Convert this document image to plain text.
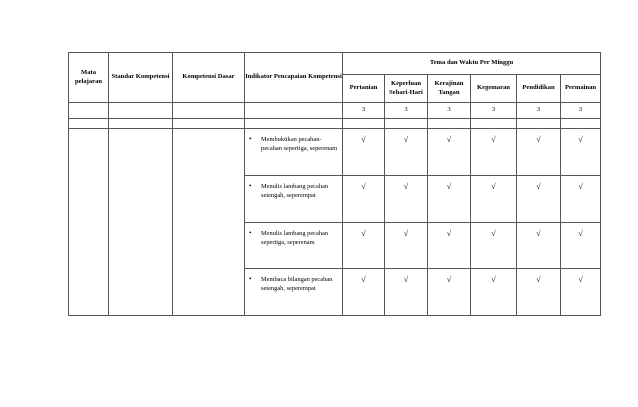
Mata pelajaran	Standar Kompetensi	Kompetensi Dasar	Indikator Pencapaian Kompetensi	Tema dan Waktu Per Minggu					
				Pertanian	Keperluan Sehari-Hari	Kerajinan Tangan	Kegemaran	Pendidikan	Permainan
				3	3	3	3	3	3

			• Membuktikan pecahan-pecahan sepertiga, seperenam	√	√	√	√	√	√

			• Menulis lambang pecahan setengah, seperempat	√	√	√	√	√	√

			• Menulis lambang pecahan sepertiga, seperenam	√	√	√	√	√	√

			• Membaca bilangan pecahan setengah, seperempat	√	√	√	√	√	√
